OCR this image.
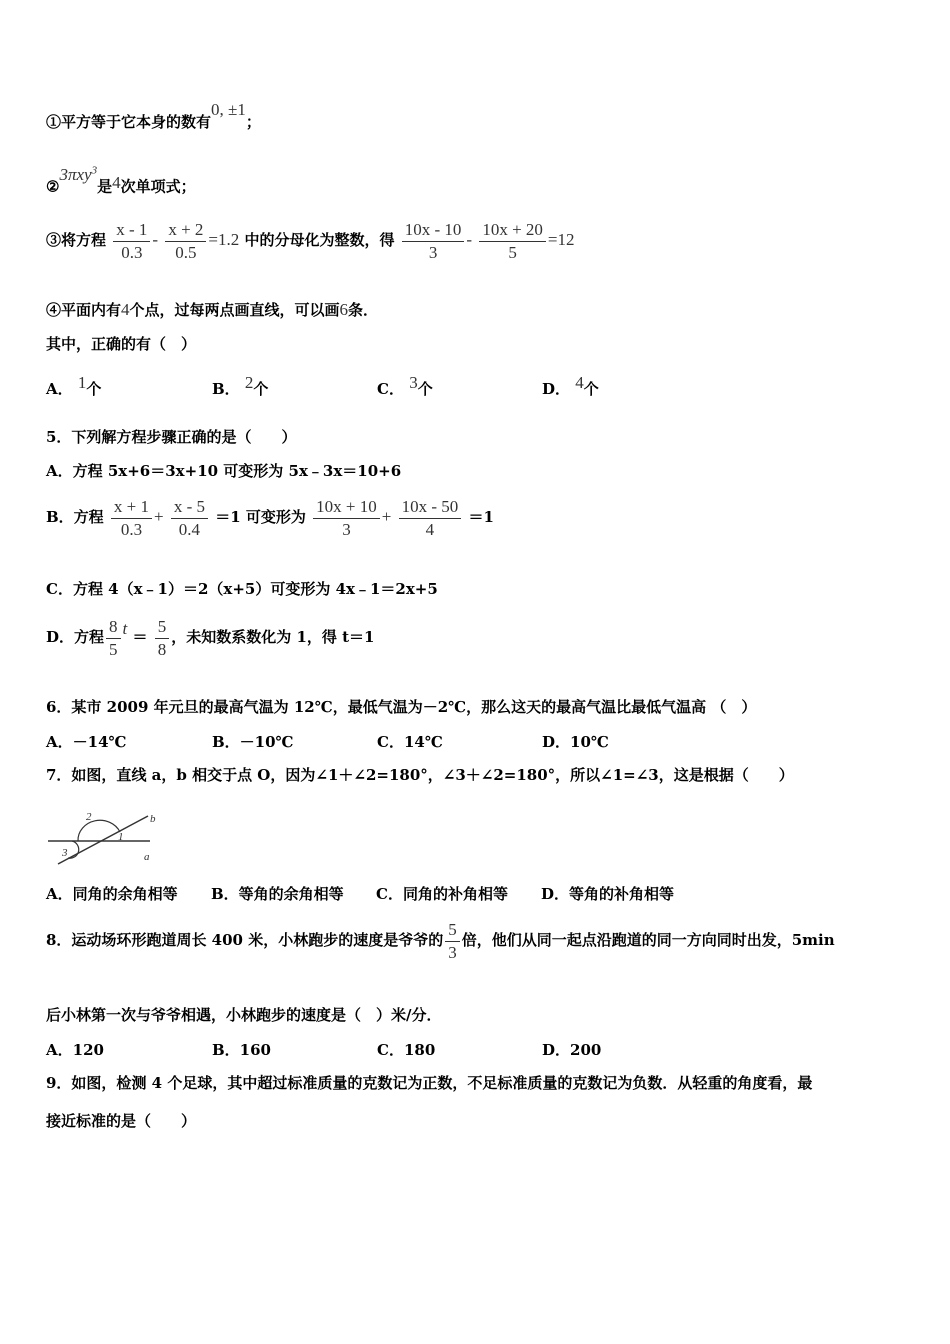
①平方等于它本身的数有0, ±1；
②3πxy$^3$是4次单项式；
③将方程 $\frac{x - 1}{0.3} - \frac{x + 2}{0.5} =1.2$ 中的分母化为整数，得 $\frac{10x - 10}{3} - \frac{10x + 20}{5} =12$
④平面内有4个点，过每两点画直线，可以画6条．
其中，正确的有（　）
A． 1个	B． 2个	C． 3个	D． 4个
5．下列解方程步骤正确的是（　　）
A．方程 5x+6＝3x+10 可变形为 5x﹣3x＝10+6
B．方程 $\frac{x + 1}{0.3} + \frac{x - 5}{0.4} =1$ 可变形为 $\frac{10x + 10}{3} + \frac{10x - 50}{4} =1$
C．方程 4（x﹣1）＝2（x+5）可变形为 4x﹣1＝2x+5
D．方程 $\frac{8}{5}$ $t = \frac{5}{8}$ ，未知数系数化为 1，得 t＝1
6．某市 2009 年元旦的最高气温为 12℃，最低气温为－2℃，那么这天的最高气温比最低气温高 （　）
A．－14℃	B．－10℃	C．14℃	D．10℃
7．如图，直线 a，b 相交于点 O，因为∠1＋∠2=180°，∠3＋∠2=180°，所以∠1=∠3，这是根据（　　）
2
1
b
3	a
A．同角的余角相等 B．等角的余角相等 C．同角的补角相等 D．等角的补角相等
8．运动场环形跑道周长 400 米，小林跑步的速度是爷爷的 $\frac{5}{3}$ 倍，他们从同一起点沿跑道的同一方向同时出发，5min
后小林第一次与爷爷相遇，小林跑步的速度是（　）米/分．
A．120	B．160	C．180	D．200
9．如图，检测 4 个足球，其中超过标准质量的克数记为正数，不足标准质量的克数记为负数．从轻重的角度看，最
接近标准的是（　　）
